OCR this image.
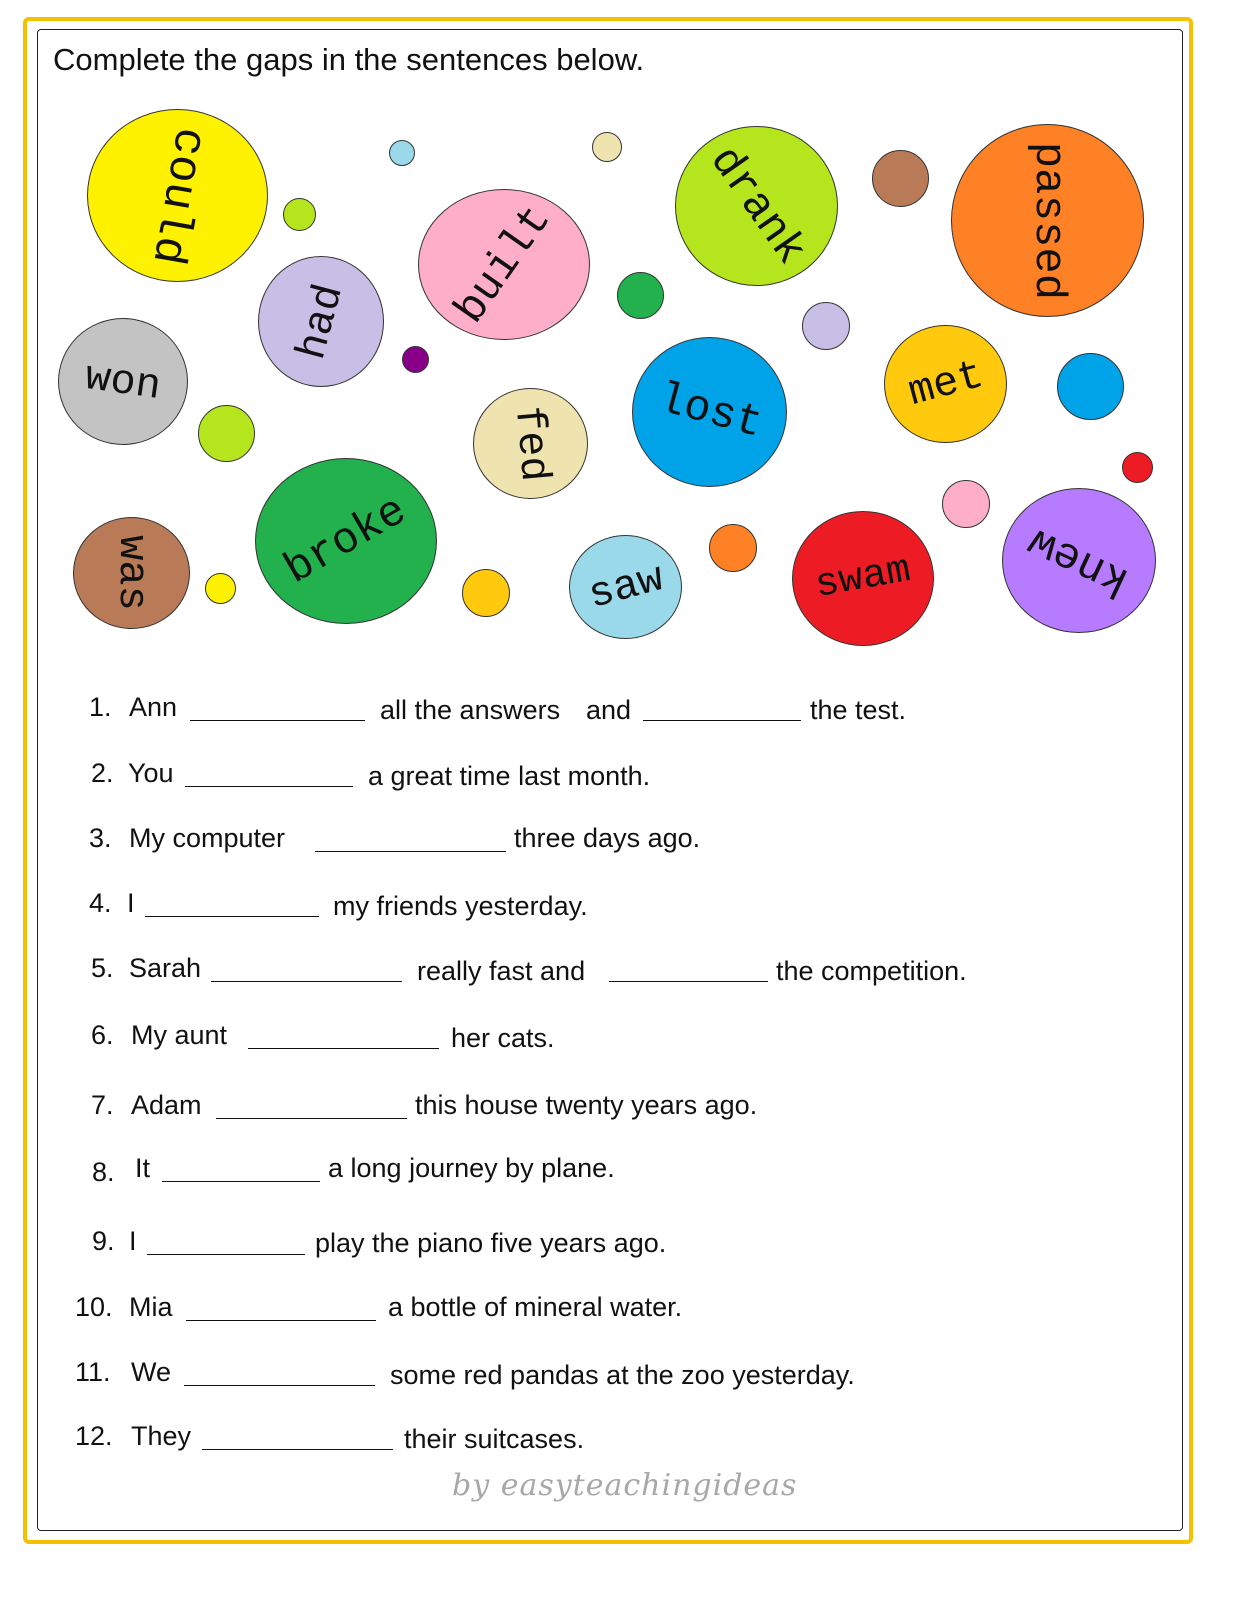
Complete the gaps in the sentences below.
could	passed
drank
built
had
won
fed lost	met
broke
was	saw	swam knew
1. Ann	all the answers and	the test.
2. You	a great time last month.
3. My computer	three days ago.
4. I	my friends yesterday.
5. Sarah	really fast and	the competition.
6. My aunt	her cats.
7. Adam	this house twenty years ago.
8. It	a long journey by plane.
9. I	play the piano five years ago.
10. Mia	a bottle of mineral water.
11. We	some red pandas at the zoo yesterday.
12. They	their suitcases.
by easyteachingideas
